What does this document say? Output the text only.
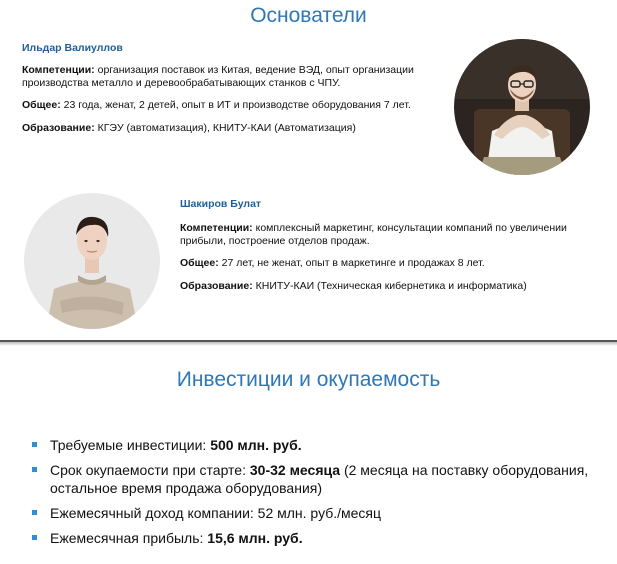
Основатели
Ильдар Валиуллов

Компетенции: организация поставок из Китая, ведение ВЭД, опыт организации производства металло и деревообрабатывающих станков с ЧПУ.

Общее: 23 года, женат, 2 детей, опыт в ИТ и производстве оборудования 7 лет.

Образование: КГЭУ (автоматизация), КНИТУ-КАИ (Автоматизация)

Шакиров Булат

Компетенции: комплексный маркетинг, консультации компаний по увеличении прибыли, построение отделов продаж.

Общее: 27 лет, не женат, опыт в маркетинге и продажах 8 лет.

Образование: КНИТУ-КАИ (Техническая кибернетика и информатика)

Инвестиции и окупаемость
Требуемые инвестиции: 500 млн. руб.
Срок окупаемости при старте: 30-32 месяца (2 месяца на поставку оборудования, остальное время продажа оборудования)
Ежемесячный доход компании: 52 млн. руб./месяц
Ежемесячная прибыль: 15,6 млн. руб.
